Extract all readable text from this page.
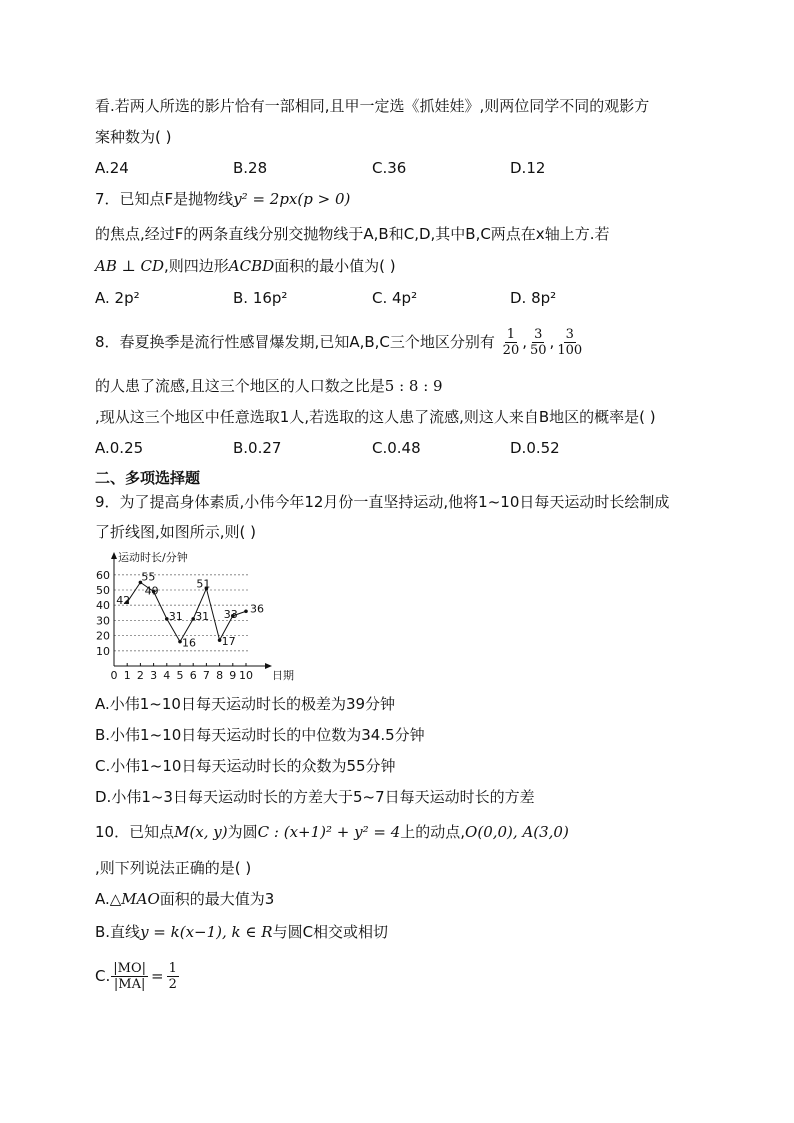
看.若两人所选的影片恰有一部相同,且甲一定选《抓娃娃》,则两位同学不同的观影方
案种数为( )
A.24	B.28	C.36	D.12
7．已知点F是抛物线y² = 2px(p > 0)
的焦点,经过F的两条直线分别交抛物线于A,B和C,D,其中B,C两点在x轴上方.若
AB ⊥ CD,则四边形ACBD面积的最小值为( )
A. 2p²	B. 16p²	C. 4p²	D. 8p²
8．春夏换季是流行性感冒爆发期,已知A,B,C三个地区分别有 $\frac{1}{20}$ , $\frac{3}{50}$ , $\frac{3}{100}$
的人患了流感,且这三个地区的人口数之比是5 : 8 : 9
,现从这三个地区中任意选取1人,若选取的这人患了流感,则这人来自B地区的概率是( )
A.0.25	B.0.27	C.0.48	D.0.52
二、多项选择题
9．为了提高身体素质,小伟今年12月份一直坚持运动,他将1~10日每天运动时长绘制成
了折线图,如图所示,则( )
10
20
30
40
50
60
0 1 2 3 4 5 6 7 8 9 10
42
55
49
31
16
31
51
17
33 36
运动时长/分钟
日期
A.小伟1~10日每天运动时长的极差为39分钟
B.小伟1~10日每天运动时长的中位数为34.5分钟
C.小伟1~10日每天运动时长的众数为55分钟
D.小伟1~3日每天运动时长的方差大于5~7日每天运动时长的方差
10．已知点M(x, y)为圆C : (x+1)² + y² = 4上的动点,O(0,0), A(3,0)
,则下列说法正确的是( )
A.△MAO面积的最大值为3
B.直线y = k(x−1), k ∈ R与圆C相交或相切
C. $\frac{|MO|}{|MA|} = \frac{1}{2}$
